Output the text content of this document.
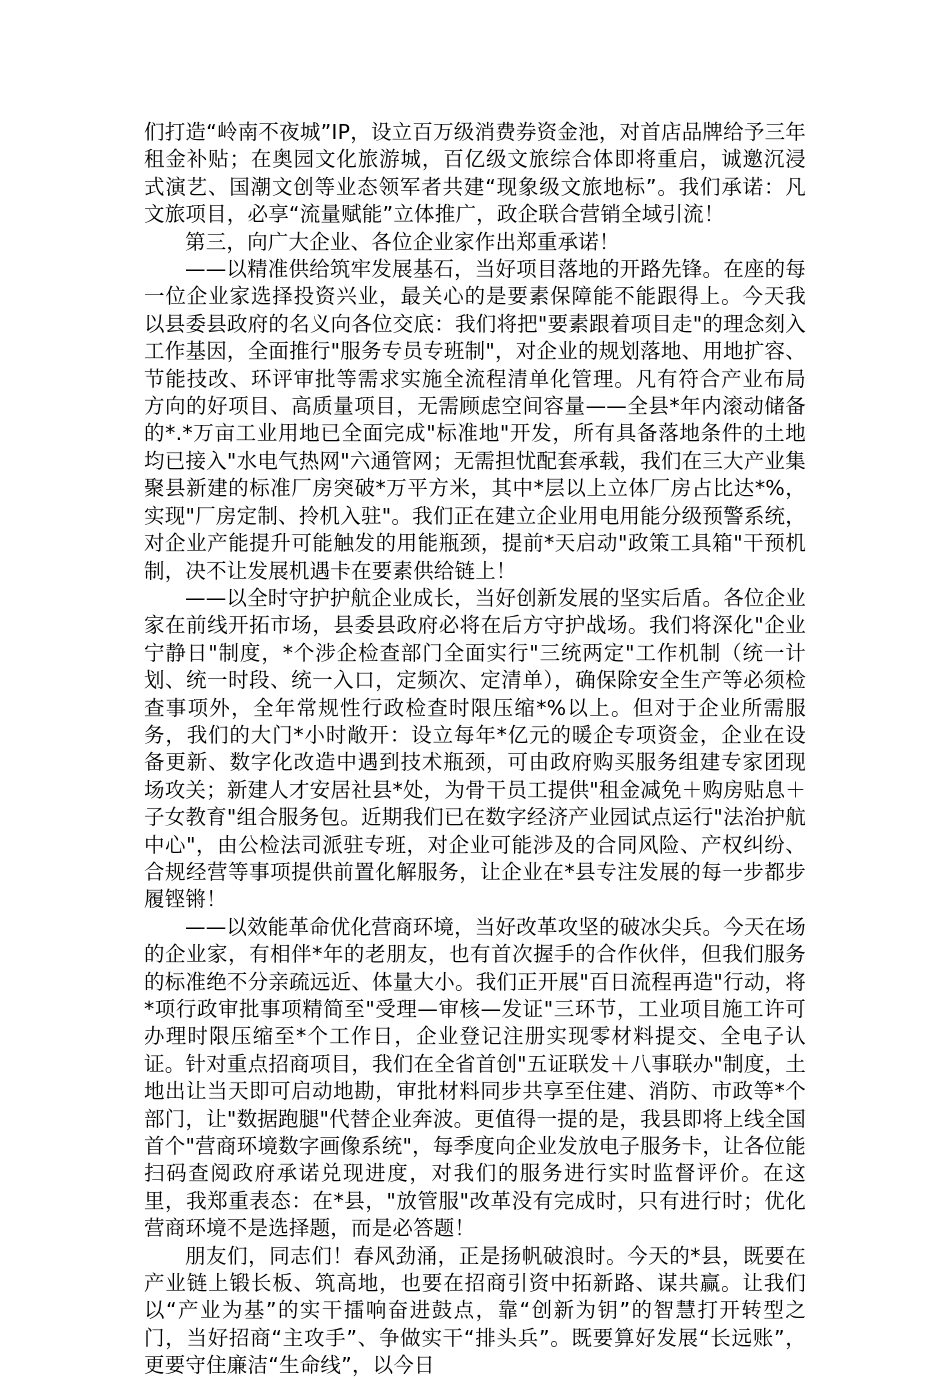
们打造“岭南不夜城”IP，设立百万级消费券资金池，对首店品牌给予三年租金补贴；在奥园文化旅游城，百亿级文旅综合体即将重启，诚邀沉浸式演艺、国潮文创等业态领军者共建“现象级文旅地标”。我们承诺：凡文旅项目，必享“流量赋能”立体推广，政企联合营销全域引流！

第三，向广大企业、各位企业家作出郑重承诺！

——以精准供给筑牢发展基石，当好项目落地的开路先锋。在座的每一位企业家选择投资兴业，最关心的是要素保障能不能跟得上。今天我以县委县政府的名义向各位交底：我们将把"要素跟着项目走"的理念刻入工作基因，全面推行"服务专员专班制"，对企业的规划落地、用地扩容、节能技改、环评审批等需求实施全流程清单化管理。凡有符合产业布局方向的好项目、高质量项目，无需顾虑空间容量——全县*年内滚动储备的*.*万亩工业用地已全面完成"标准地"开发，所有具备落地条件的土地均已接入"水电气热网"六通管网；无需担忧配套承载，我们在三大产业集聚县新建的标准厂房突破*万平方米，其中*层以上立体厂房占比达*%，实现"厂房定制、拎机入驻"。我们正在建立企业用电用能分级预警系统，对企业产能提升可能触发的用能瓶颈，提前*天启动"政策工具箱"干预机制，决不让发展机遇卡在要素供给链上！

——以全时守护护航企业成长，当好创新发展的坚实后盾。各位企业家在前线开拓市场，县委县政府必将在后方守护战场。我们将深化"企业宁静日"制度，*个涉企检查部门全面实行"三统两定"工作机制（统一计划、统一时段、统一入口，定频次、定清单），确保除安全生产等必须检查事项外，全年常规性行政检查时限压缩*%以上。但对于企业所需服务，我们的大门*小时敞开：设立每年*亿元的暖企专项资金，企业在设备更新、数字化改造中遇到技术瓶颈，可由政府购买服务组建专家团现场攻关；新建人才安居社县*处，为骨干员工提供"租金减免＋购房贴息＋子女教育"组合服务包。近期我们已在数字经济产业园试点运行"法治护航中心"，由公检法司派驻专班，对企业可能涉及的合同风险、产权纠纷、合规经营等事项提供前置化解服务，让企业在*县专注发展的每一步都步履铿锵！

——以效能革命优化营商环境，当好改革攻坚的破冰尖兵。今天在场的企业家，有相伴*年的老朋友，也有首次握手的合作伙伴，但我们服务的标准绝不分亲疏远近、体量大小。我们正开展"百日流程再造"行动，将*项行政审批事项精简至"受理—审核—发证"三环节，工业项目施工许可办理时限压缩至*个工作日，企业登记注册实现零材料提交、全电子认证。针对重点招商项目，我们在全省首创"五证联发＋八事联办"制度，土地出让当天即可启动地勘，审批材料同步共享至住建、消防、市政等*个部门，让"数据跑腿"代替企业奔波。更值得一提的是，我县即将上线全国首个"营商环境数字画像系统"，每季度向企业发放电子服务卡，让各位能扫码查阅政府承诺兑现进度，对我们的服务进行实时监督评价。在这里，我郑重表态：在*县，"放管服"改革没有完成时，只有进行时；优化营商环境不是选择题，而是必答题！

朋友们，同志们！春风劲涌，正是扬帆破浪时。今天的*县，既要在产业链上锻长板、筑高地，也要在招商引资中拓新路、谋共赢。让我们以“产业为基”的实干擂响奋进鼓点，靠“创新为钥”的智慧打开转型之门，当好招商“主攻手”、争做实干“排头兵”。既要算好发展“长远账”，更要守住廉洁“生命线”，以今日
